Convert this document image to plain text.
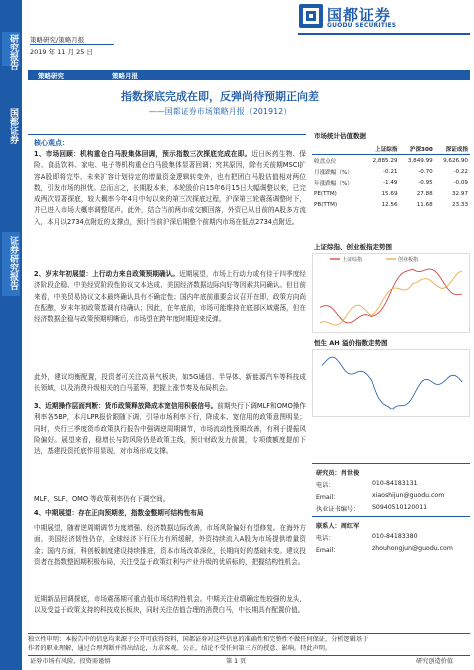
研究报告
国都证券
证券研究报告
策略研究/策略月报
2019 年 11 月 25 日
国都证券
GUODU SECURITIES
策略研究	策略月报
指数探底完成在即，反弹尚待预期正向差
——国都证券市场策略月报（201912）
核心观点：
1、市场回顾：机构重仓白马股集体回调，预示指数三次探底完成在即。近日医药生物、保险、食品饮料、家电、电子等机构重仓白马股集体显著回调；究其原因，除有关前期MSCI扩容A股即将完毕、未来扩容计划待定的增量资金逻辑转变外，也有把团白马股估值相对两位数，引发市场的担忧。总而言之，长期股本来，本轮股价自15年6月15日大幅调整以来，已完成两次显著探底，较大概率今年4月中旬以来的第三次探底过程，沪深第三轮震荡调整时下，并已进入市场大概率调整尾声。此外，结合当前两市成交额回落，外资已从目前的A股多方流入，本月以2734点附近的支撑点，预计当前沪深后期整个前期内市场在低点2734点附近。
2、岁末年初展望：上行动力来自政策预期确认。近期展望，市场上行动力或有待于四季度经济阶段企稳、中美经贸阶段性协议文本达成、美国经济数据边际向好等因素共同确认。但目前来看，中美贸易协议文本最终确认具有不确定性；国内年底前重要会议召开在即，政策方向尚在酝酿，岁末年初政策基调有待确认；因此，在年底前，市场可能维持在底部区域震荡，但在经济数据企稳与政策预期明晰后，市场望在跨年度时期迎来反弹。
此外，建议均衡配置，投资者可关注高景气板块，如5G通信、半导体、新能源汽车等科技成长领域，以及消费升级相关的白马蓝筹，把握上涨节奏及布局机会。
3、近期操作层面判断：货币政策释放降成本宽信用积极信号。前期央行下调MLF和OMO操作利率各5BP，本月LPR报价跟随下调，引导市场利率下行，降成本、宽信用的政策意图明显；同时，央行三季度货币政策执行报告中强调逆周期调节，市场流动性预期改善，有利于提振风险偏好。展望来看，稳增长与防风险仍是政策主线，预计财政发力前置，专项债额度提前下达，基建投资托底作用显现，对市场形成支撑。
MLF、SLF、OMO 等政策利率仍有下调空间。
4、中期展望：存在正向预期差，指数金整期可结构性布局
中期展望，随着逆周期调节力度增强、经济数据边际改善，市场风险偏好有望修复。在海外方面，美国经济韧性仍存，全球经济下行压力有所缓解，外资持续流入A股为市场提供增量资金；国内方面，科创板制度建设持续推进，资本市场改革深化，长期向好的基础未变。建议投资者在指数整固期积极布局，关注受益于政策红利与产业升级的优质标的，把握结构性机会。
近期新品回调探底，市场震荡期可重点低市场结构性机会。中期关注业绩确定性较强的龙头，以及受益于政策支持的科技成长板块，同时关注估值合理的消费白马，中长期具有配置价值。
市场统计估值数据
	上证综指	沪深300	深证成指
收盘点位	2,885.29	3,849.99	9,626.90
月涨跌幅（%）	-0.21	-0.70	-0.22
年涨跌幅（%）	-1.49	-0.95	-0.09
PE(TTM)	15.69	27.88	32.97
PB(TTM)	12.56	11.68	23.33
上证综指、创业板指走势图
上证综指	创业板指
恒生 AH 溢价指数走势图
研究员：肖世俊
电话：	010-84183131
Email：	xiaoshijun@guodu.com
执业证书编号： S0940510120011
联系人：周红军
电话：	010-84183380
Email：	zhouhongjun@guodu.com
独立性申明：本报告中的信息均来源于公开可获得资料，国都证券对这些信息的准确性和完整性不做任何保证，分析逻辑基于
作者的职业理解，通过合理判断并得出结论，力求客观、公正，结论不受任何第三方的授意、影响。特此声明。
证券市场有风险，投资需谨慎	第 1 页	研究创造价值
